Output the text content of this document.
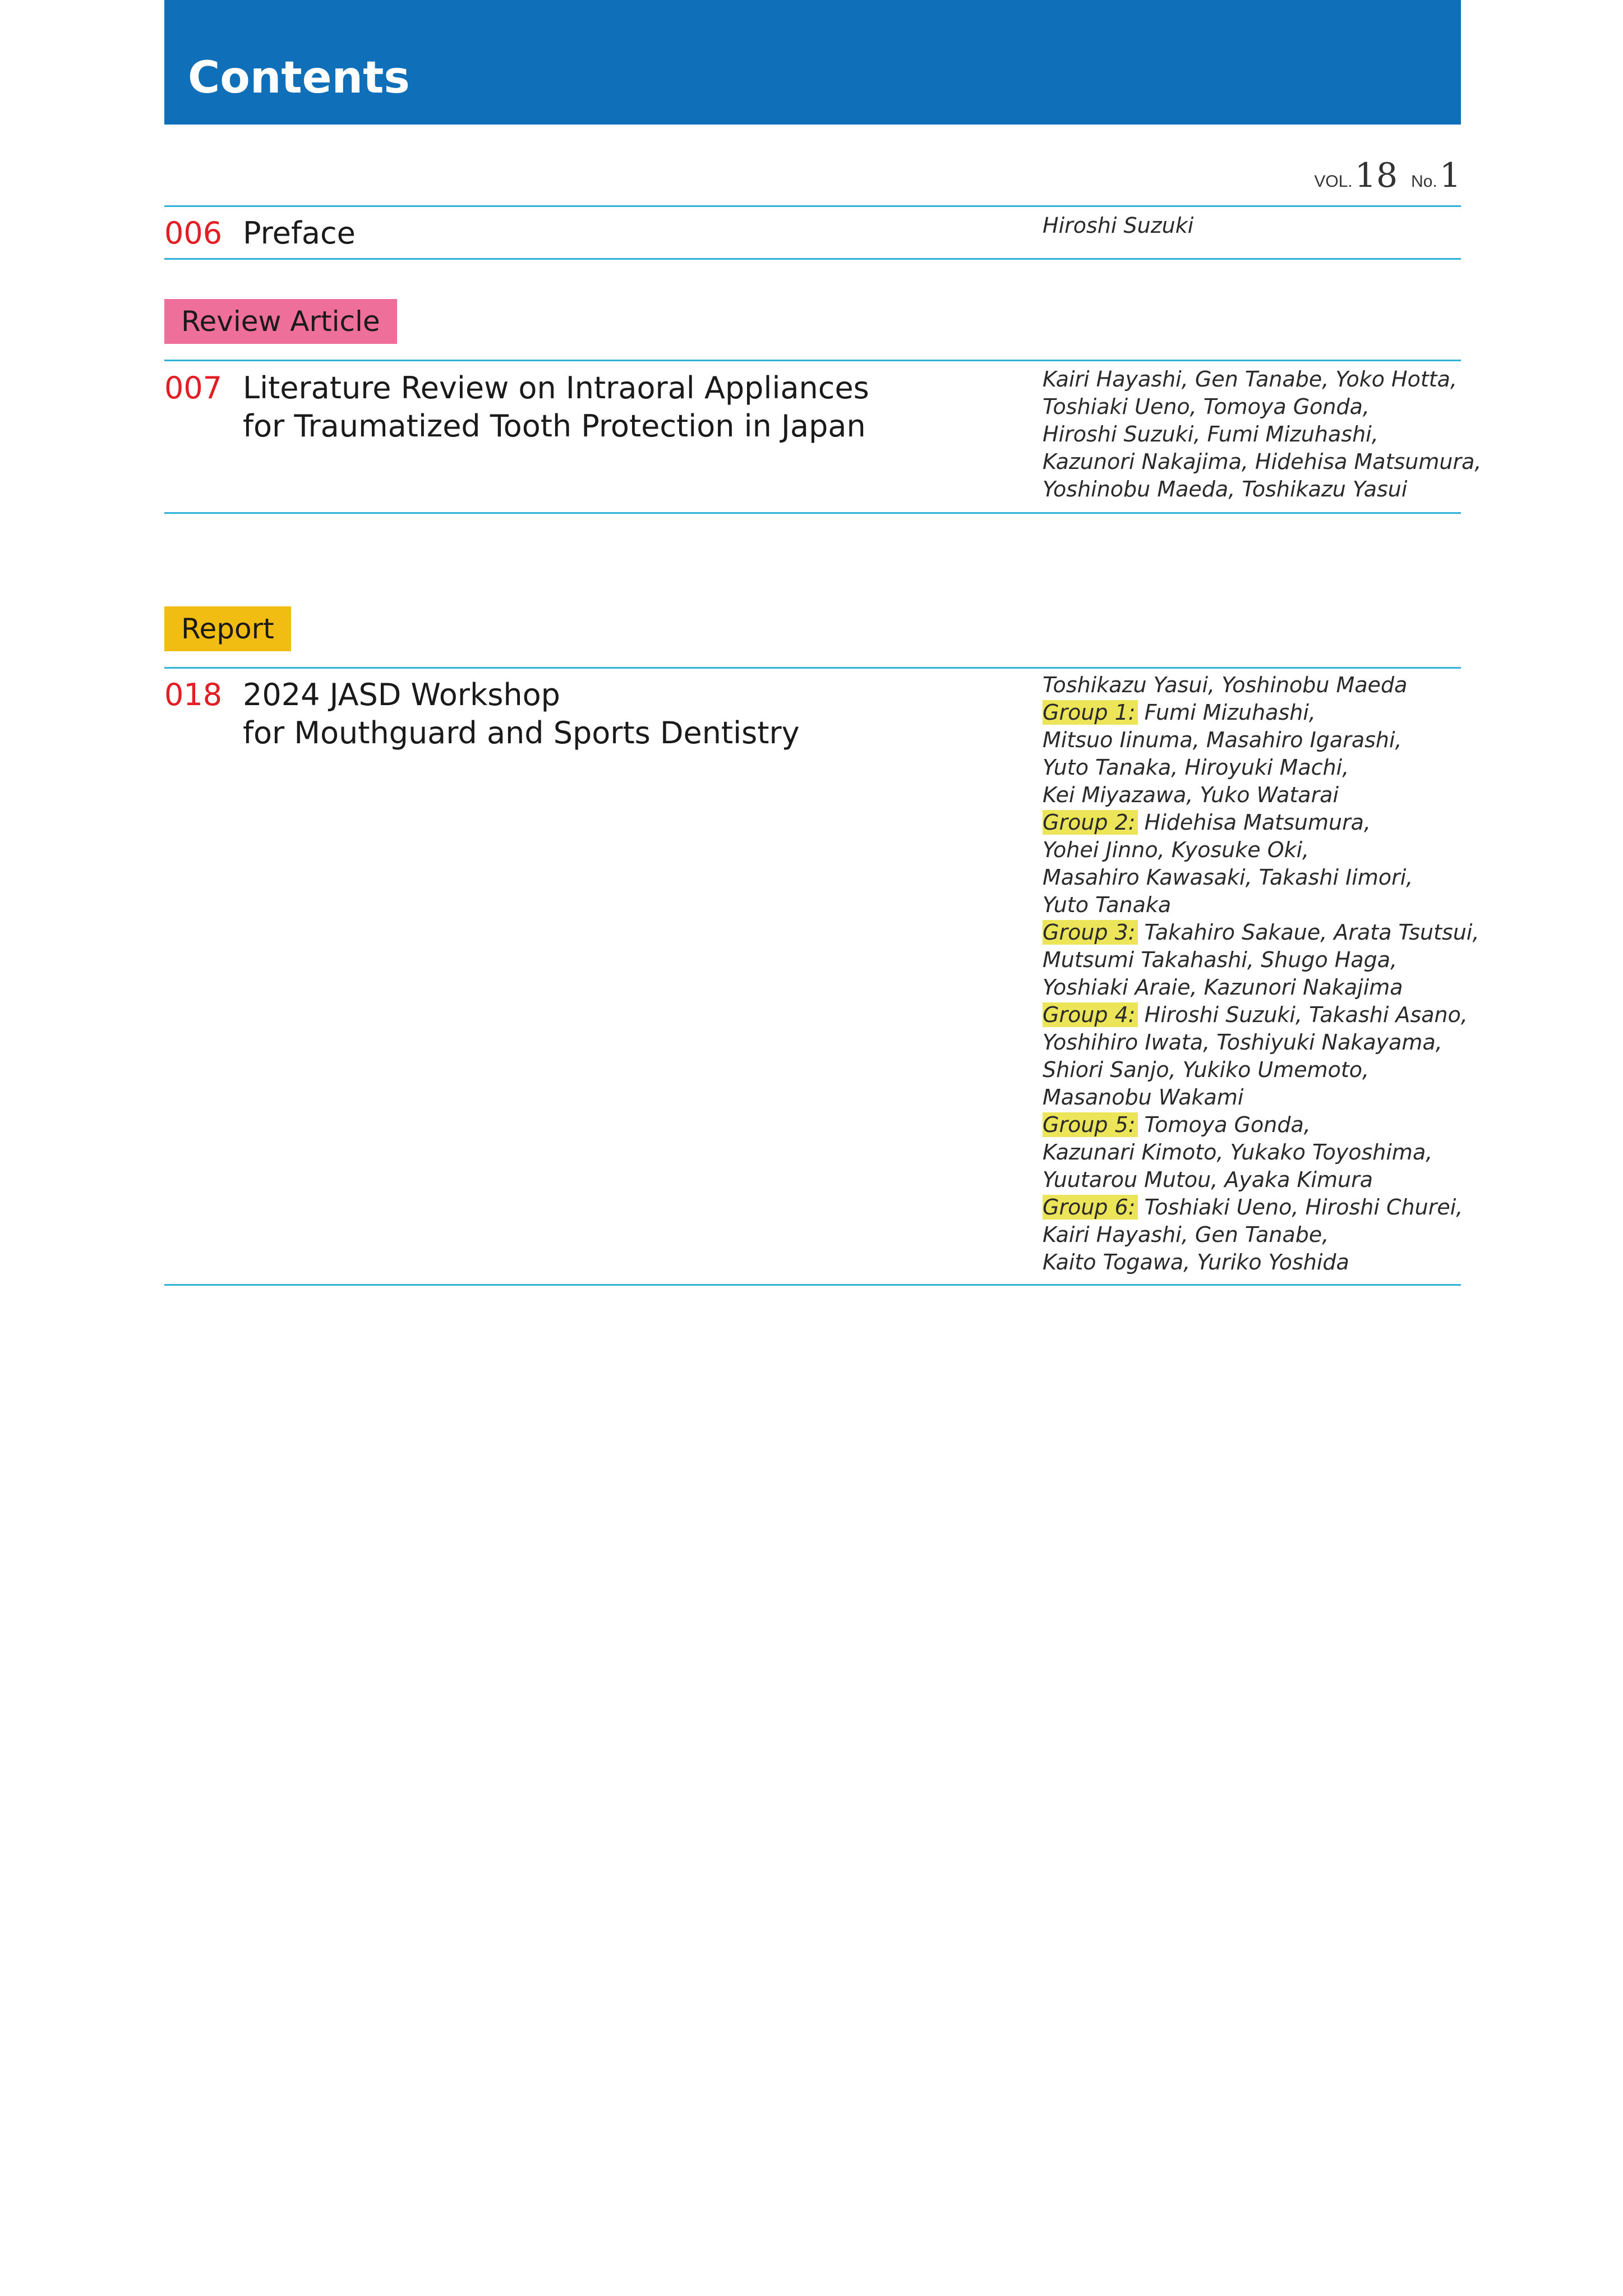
Contents
VOL.18 No.1
006 Preface	Hiroshi Suzuki
Review Article
007 Literature Review on Intraoral Appliances
for Traumatized Tooth Protection in Japan
Kairi Hayashi, Gen Tanabe, Yoko Hotta,
Toshiaki Ueno, Tomoya Gonda,
Hiroshi Suzuki, Fumi Mizuhashi,
Kazunori Nakajima, Hidehisa Matsumura,
Yoshinobu Maeda, Toshikazu Yasui
Report
018 2024 JASD Workshop
for Mouthguard and Sports Dentistry
Toshikazu Yasui, Yoshinobu Maeda
Group 1: Fumi Mizuhashi,
Mitsuo Iinuma, Masahiro Igarashi,
Yuto Tanaka, Hiroyuki Machi,
Kei Miyazawa, Yuko Watarai
Group 2: Hidehisa Matsumura,
Yohei Jinno, Kyosuke Oki,
Masahiro Kawasaki, Takashi Iimori,
Yuto Tanaka
Group 3: Takahiro Sakaue, Arata Tsutsui,
Mutsumi Takahashi, Shugo Haga,
Yoshiaki Araie, Kazunori Nakajima
Group 4: Hiroshi Suzuki, Takashi Asano,
Yoshihiro Iwata, Toshiyuki Nakayama,
Shiori Sanjo, Yukiko Umemoto,
Masanobu Wakami
Group 5: Tomoya Gonda,
Kazunari Kimoto, Yukako Toyoshima,
Yuutarou Mutou, Ayaka Kimura
Group 6: Toshiaki Ueno, Hiroshi Churei,
Kairi Hayashi, Gen Tanabe,
Kaito Togawa, Yuriko Yoshida
